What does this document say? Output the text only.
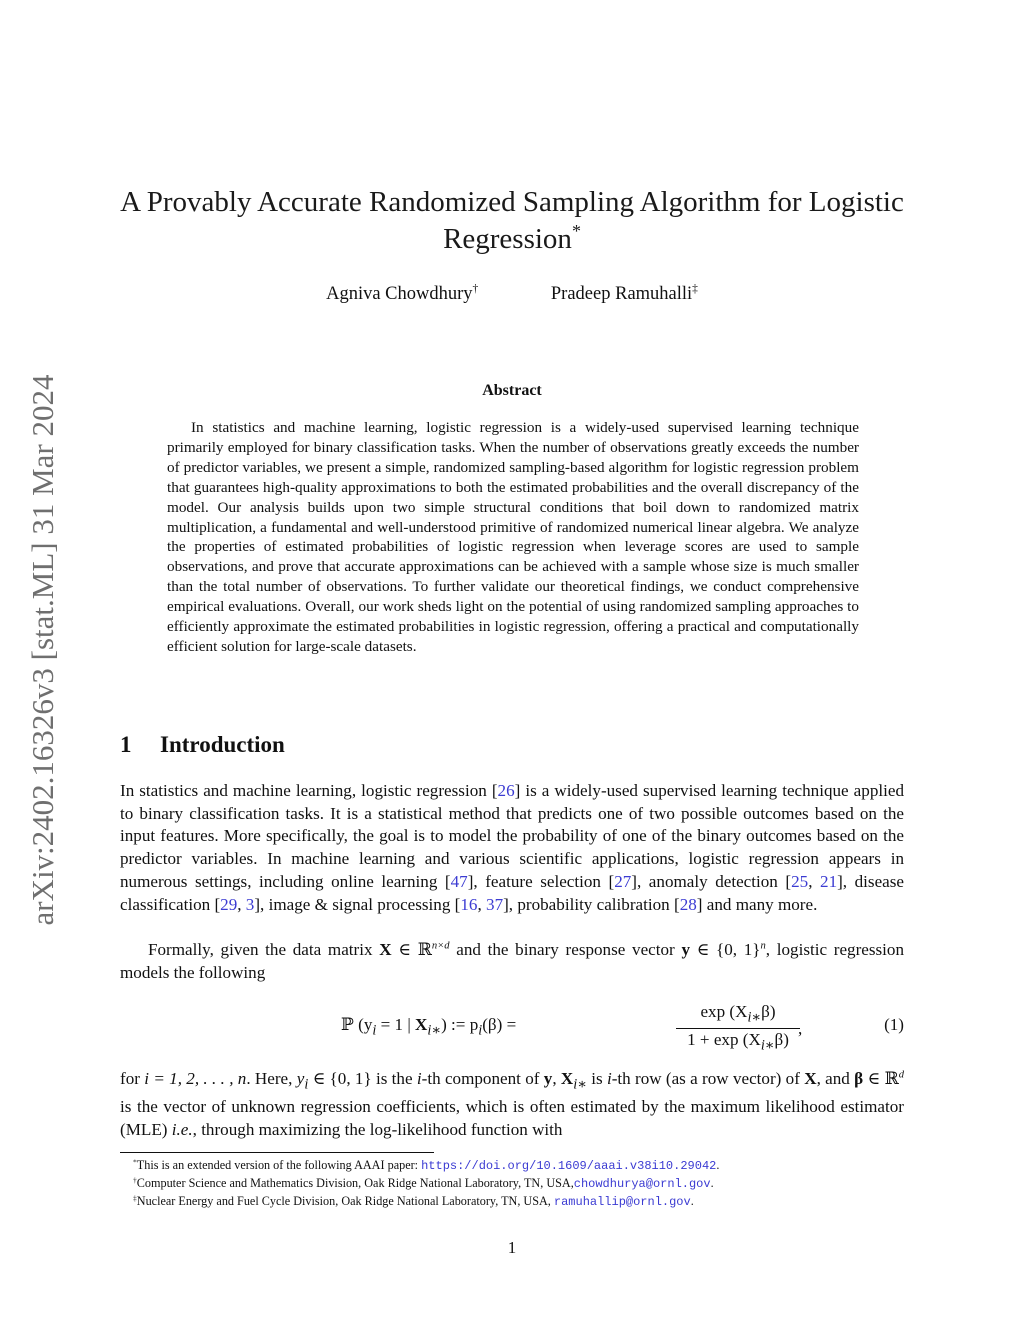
arXiv:2402.16326v3 [stat.ML] 31 Mar 2024
A Provably Accurate Randomized Sampling Algorithm for Logistic
Regression*
Agniva Chowdhury†	Pradeep Ramuhalli‡
Abstract

In statistics and machine learning, logistic regression is a widely-used supervised learning technique primarily employed for binary classification tasks. When the number of observations greatly exceeds the number of predictor variables, we present a simple, randomized sampling-based algorithm for logistic regression problem that guarantees high-quality approximations to both the estimated probabilities and the overall discrepancy of the model. Our analysis builds upon two simple structural conditions that boil down to randomized matrix multiplication, a fundamental and well-understood primitive of randomized numerical linear algebra. We analyze the properties of estimated probabilities of logistic regression when leverage scores are used to sample observations, and prove that accurate approximations can be achieved with a sample whose size is much smaller than the total number of observations. To further validate our theoretical findings, we conduct comprehensive empirical evaluations. Overall, our work sheds light on the potential of using randomized sampling approaches to efficiently approximate the estimated probabilities in logistic regression, offering a practical and computationally efficient solution for large-scale datasets.

1 Introduction

In statistics and machine learning, logistic regression [26] is a widely-used supervised learning technique applied to binary classification tasks. It is a statistical method that predicts one of two possible outcomes based on the input features. More specifically, the goal is to model the probability of one of the binary outcomes based on the predictor variables. In machine learning and various scientific applications, logistic regression appears in numerous settings, including online learning [47], feature selection [27], anomaly detection [25, 21], disease classification [29, 3], image & signal processing [16, 37], probability calibration [28] and many more.

Formally, given the data matrix X ∈ ℝ$^{n\times d}$ and the binary response vector y ∈ {0, 1}$^n$, logistic regression models the following

ℙ ($y_i = 1$ | $X_{i∗}$) := $p_i(\beta)$ =	$\frac{\exp (X_{i∗}\beta)}{1 + \exp (X_{i∗}\beta)}$
,	(1)

for i = 1, 2, . . . , n. Here, $y_i$ ∈ {0, 1} is the i-th component of y, $X_{i∗}$ is i-th row (as a row vector) of X, and β ∈ ℝ$^d$ is the vector of unknown regression coefficients, which is often estimated by the maximum likelihood estimator (MLE) i.e., through maximizing the log-likelihood function with

*This is an extended version of the following AAAI paper: https://doi.org/10.1609/aaai.v38i10.29042.
†Computer Science and Mathematics Division, Oak Ridge National Laboratory, TN, USA,chowdhurya@ornl.gov.
‡Nuclear Energy and Fuel Cycle Division, Oak Ridge National Laboratory, TN, USA, ramuhallip@ornl.gov.
1
